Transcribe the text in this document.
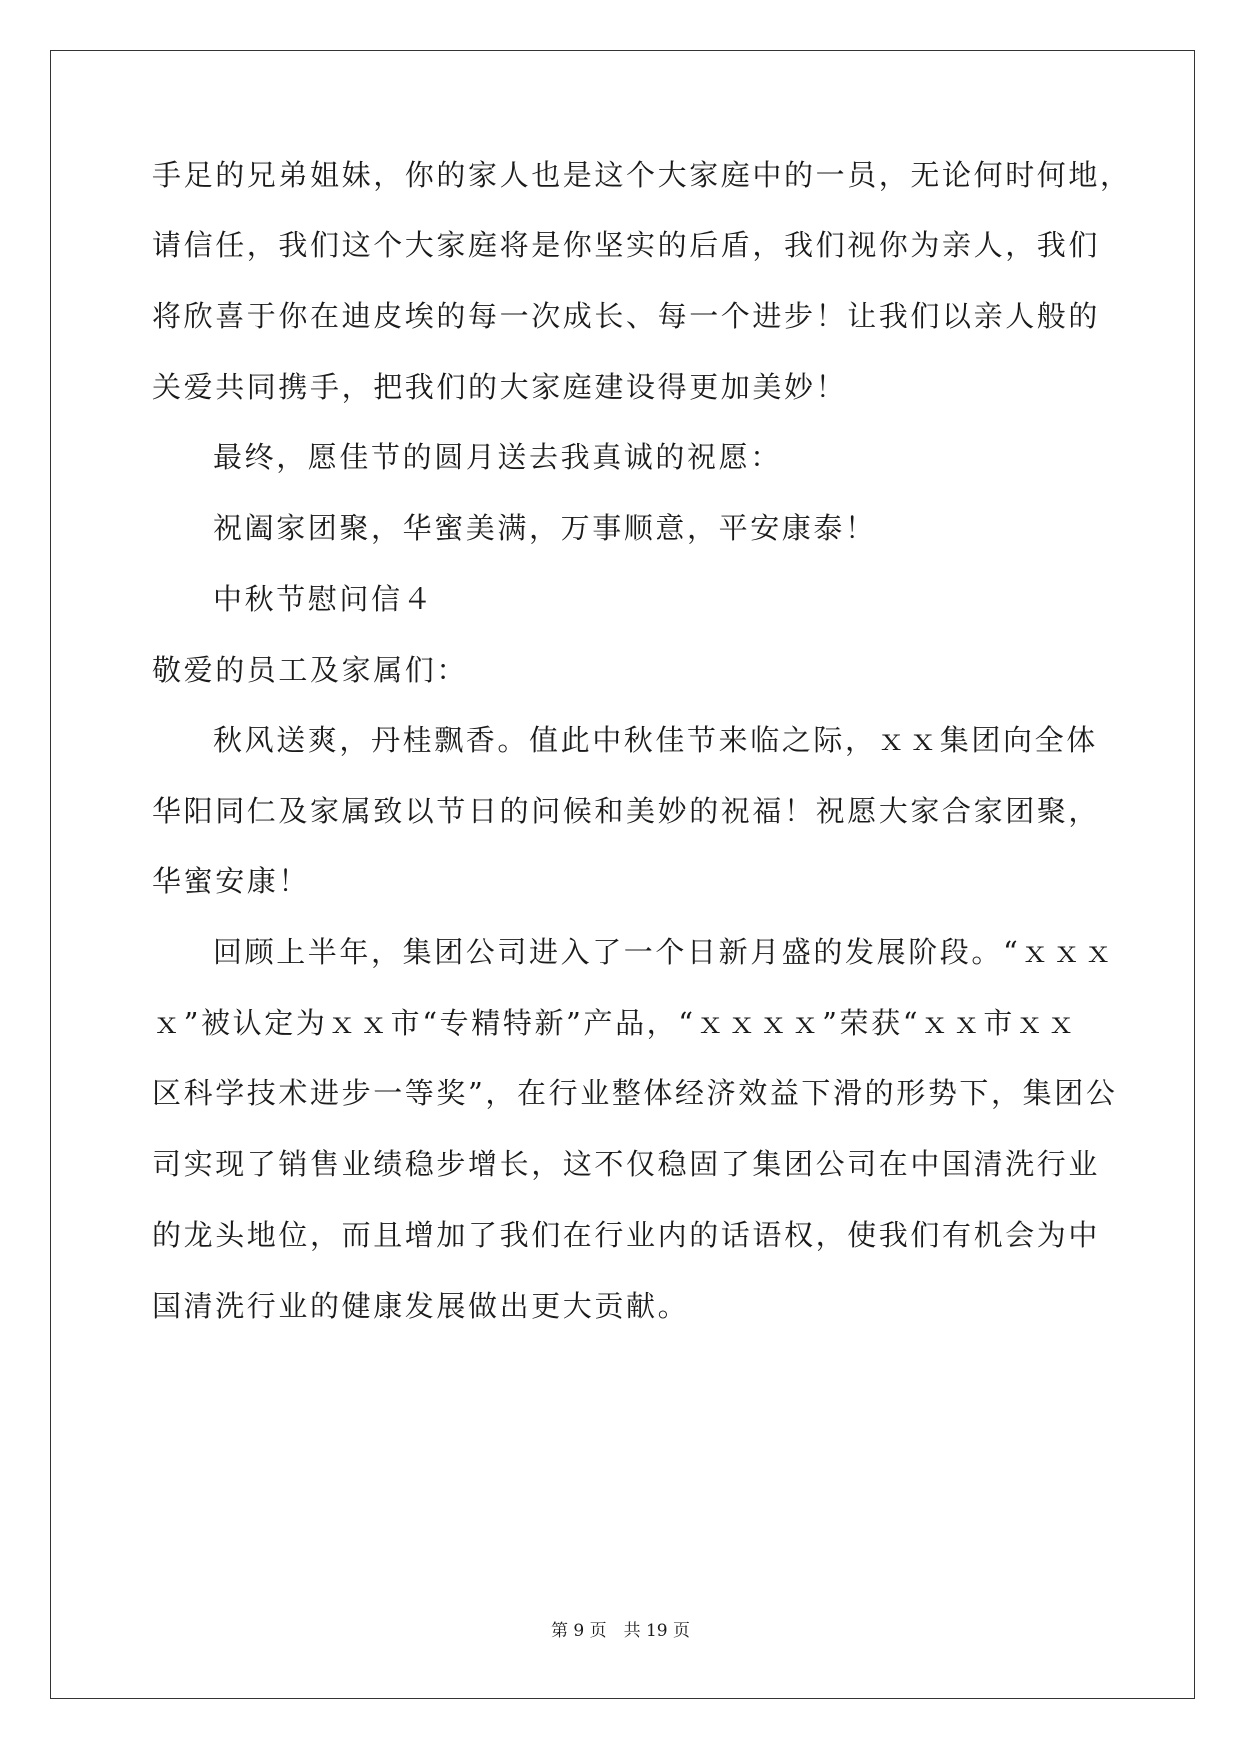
手足的兄弟姐妹，你的家人也是这个大家庭中的一员，无论何时何地，

请信任，我们这个大家庭将是你坚实的后盾，我们视你为亲人，我们

将欣喜于你在迪皮埃的每一次成长、每一个进步！让我们以亲人般的

关爱共同携手，把我们的大家庭建设得更加美妙！

最终，愿佳节的圆月送去我真诚的祝愿：

祝阖家团聚，华蜜美满，万事顺意，平安康泰！

中秋节慰问信４

敬爱的员工及家属们：

秋风送爽，丹桂飘香。值此中秋佳节来临之际，ｘｘ集团向全体

华阳同仁及家属致以节日的问候和美妙的祝福！祝愿大家合家团聚，

华蜜安康！

回顾上半年，集团公司进入了一个日新月盛的发展阶段。“ｘｘｘ

ｘ”被认定为ｘｘ市“专精特新”产品，“ｘｘｘｘ”荣获“ｘｘ市ｘｘ

区科学技术进步一等奖”，在行业整体经济效益下滑的形势下，集团公

司实现了销售业绩稳步增长，这不仅稳固了集团公司在中国清洗行业

的龙头地位，而且增加了我们在行业内的话语权，使我们有机会为中

国清洗行业的健康发展做出更大贡献。

第 9 页　共 19 页
